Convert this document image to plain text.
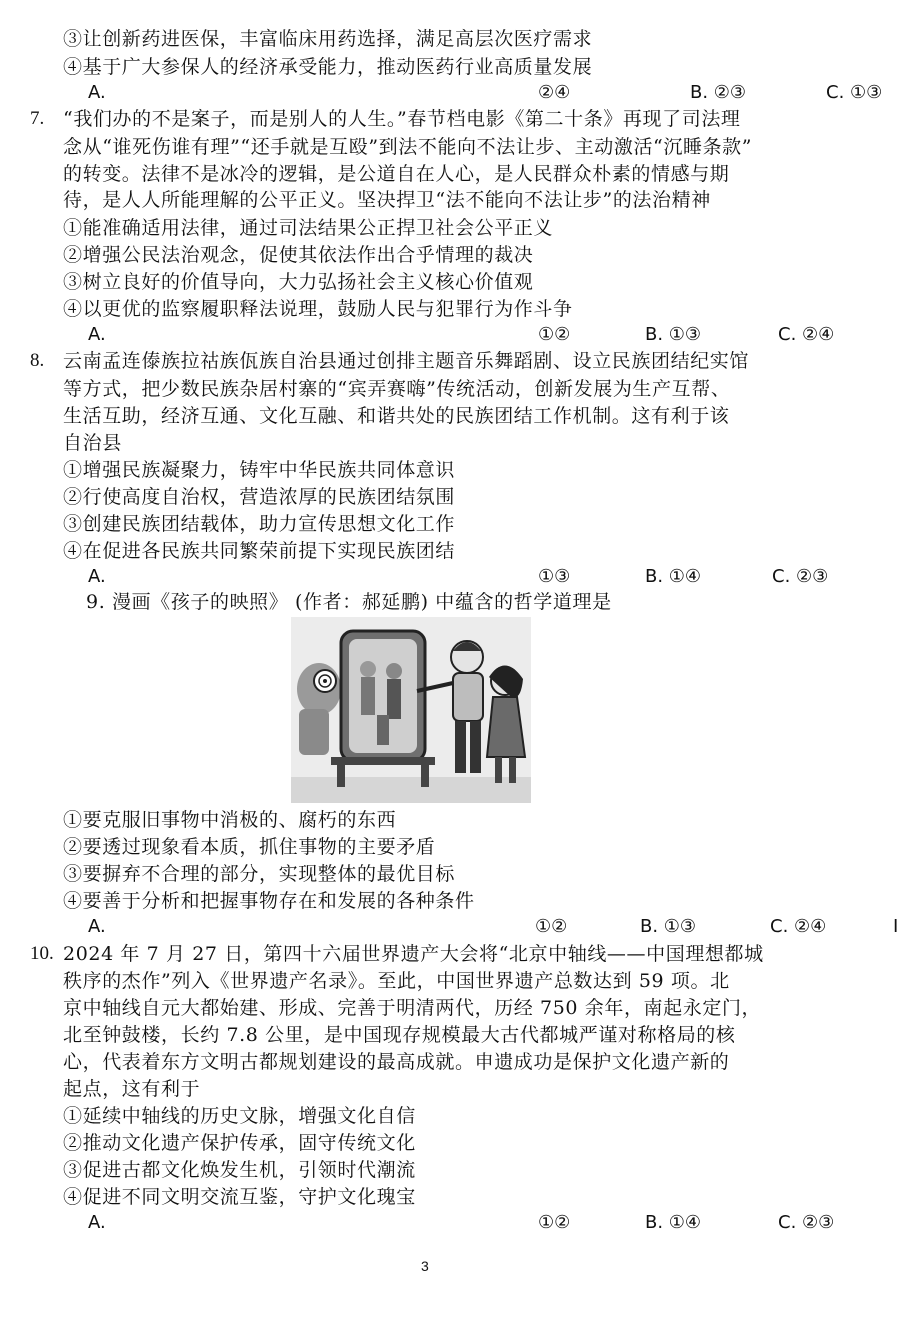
③让创新药进医保，丰富临床用药选择，满足高层次医疗需求
④基于广大参保人的经济承受能力，推动医药行业高质量发展
A.	②④	B. ②③	C. ①③
7. “我们办的不是案子，而是别人的人生。”春节档电影《第二十条》再现了司法理
念从“谁死伤谁有理”“还手就是互殴”到法不能向不法让步、主动激活“沉睡条款”
的转变。法律不是冰冷的逻辑，是公道自在人心，是人民群众朴素的情感与期
待，是人人所能理解的公平正义。坚决捍卫“法不能向不法让步”的法治精神
①能准确适用法律，通过司法结果公正捍卫社会公平正义
②增强公民法治观念，促使其依法作出合乎情理的裁决
③树立良好的价值导向，大力弘扬社会主义核心价值观
④以更优的监察履职释法说理，鼓励人民与犯罪行为作斗争
A.	①②	B. ①③	C. ②④
8. 云南孟连傣族拉祜族佤族自治县通过创排主题音乐舞蹈剧、设立民族团结纪实馆
等方式，把少数民族杂居村寨的“宾弄赛嗨”传统活动，创新发展为生产互帮、
生活互助，经济互通、文化互融、和谐共处的民族团结工作机制。这有利于该
自治县
①增强民族凝聚力，铸牢中华民族共同体意识
②行使高度自治权，营造浓厚的民族团结氛围
③创建民族团结载体，助力宣传思想文化工作
④在促进各民族共同繁荣前提下实现民族团结
A.	①③	B. ①④	C. ②③
9. 漫画《孩子的映照》 (作者：郝延鹏) 中蕴含的哲学道理是
①要克服旧事物中消极的、腐朽的东西
②要透过现象看本质，抓住事物的主要矛盾
③要摒弃不合理的部分，实现整体的最优目标
④要善于分析和把握事物存在和发展的各种条件
A.	①②	B. ①③	C. ②④	I
10. 2024 年 7 月 27 日，第四十六届世界遗产大会将“北京中轴线——中国理想都城
秩序的杰作”列入《世界遗产名录》。至此，中国世界遗产总数达到 59 项。北
京中轴线自元大都始建、形成、完善于明清两代，历经 750 余年，南起永定门，
北至钟鼓楼，长约 7.8 公里，是中国现存规模最大古代都城严谨对称格局的核
心，代表着东方文明古都规划建设的最高成就。申遗成功是保护文化遗产新的
起点，这有利于
①延续中轴线的历史文脉，增强文化自信
②推动文化遗产保护传承，固守传统文化
③促进古都文化焕发生机，引领时代潮流
④促进不同文明交流互鉴，守护文化瑰宝
A.	①②	B. ①④	C. ②③
3
